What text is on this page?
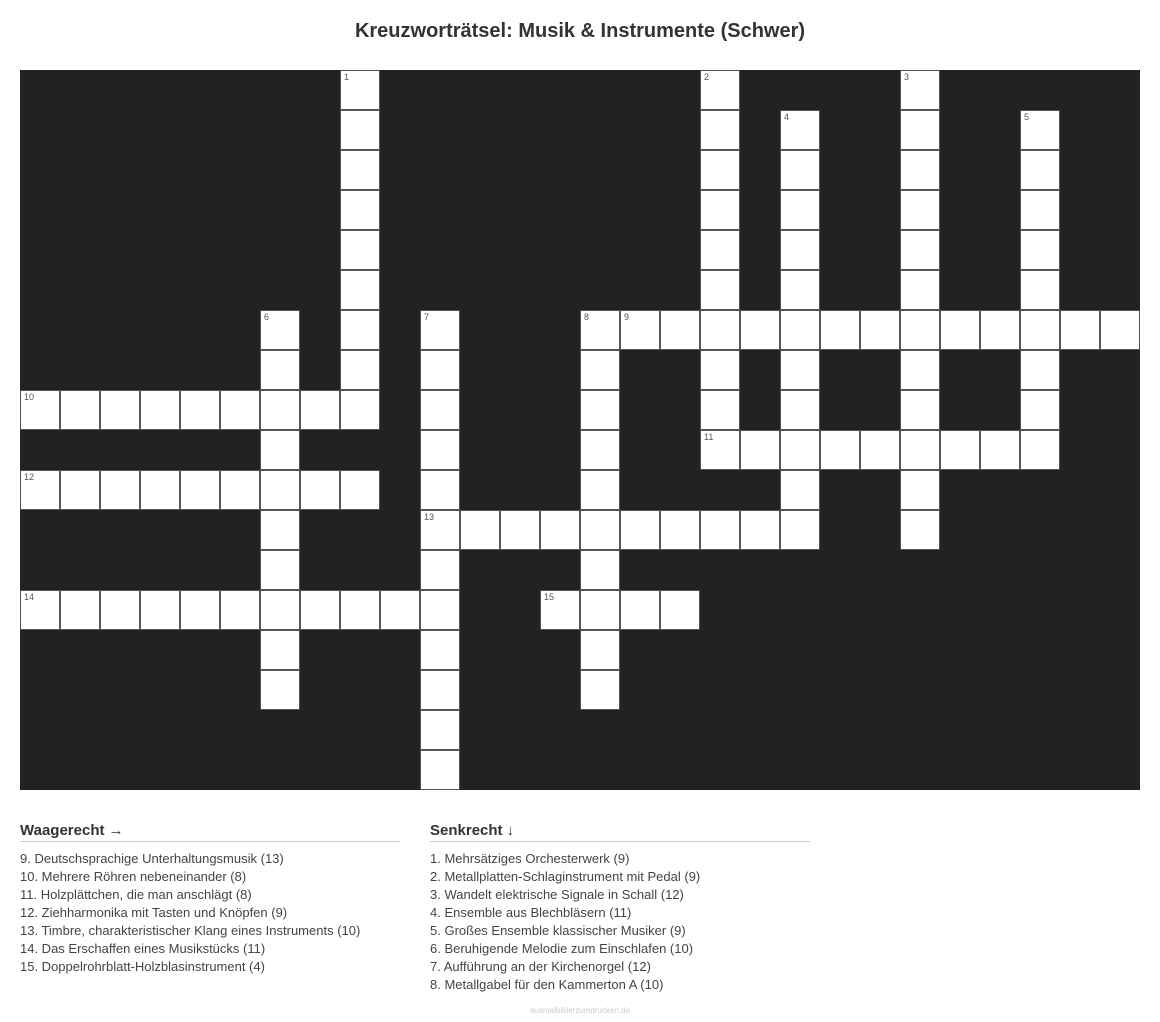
Kreuzworträtsel: Musik & Instrumente (Schwer)
1	2	3
4	5
6	7
13
8	9
10
11
12
14	15
Waagerecht →
9. Deutschsprachige Unterhaltungsmusik (13)
10. Mehrere Röhren nebeneinander (8)
11. Holzplättchen, die man anschlägt (8)
12. Ziehharmonika mit Tasten und Knöpfen (9)
13. Timbre, charakteristischer Klang eines Instruments (10)
14. Das Erschaffen eines Musikstücks (11)
15. Doppelrohrblatt-Holzblasinstrument (4)
Senkrecht ↓
1. Mehrsätziges Orchesterwerk (9)
2. Metallplatten-Schlaginstrument mit Pedal (9)
3. Wandelt elektrische Signale in Schall (12)
4. Ensemble aus Blechbläsern (11)
5. Großes Ensemble klassischer Musiker (9)
6. Beruhigende Melodie zum Einschlafen (10)
7. Aufführung an der Kirchenorgel (12)
8. Metallgabel für den Kammerton A (10)
ausmalbilderzumdrucken.de
